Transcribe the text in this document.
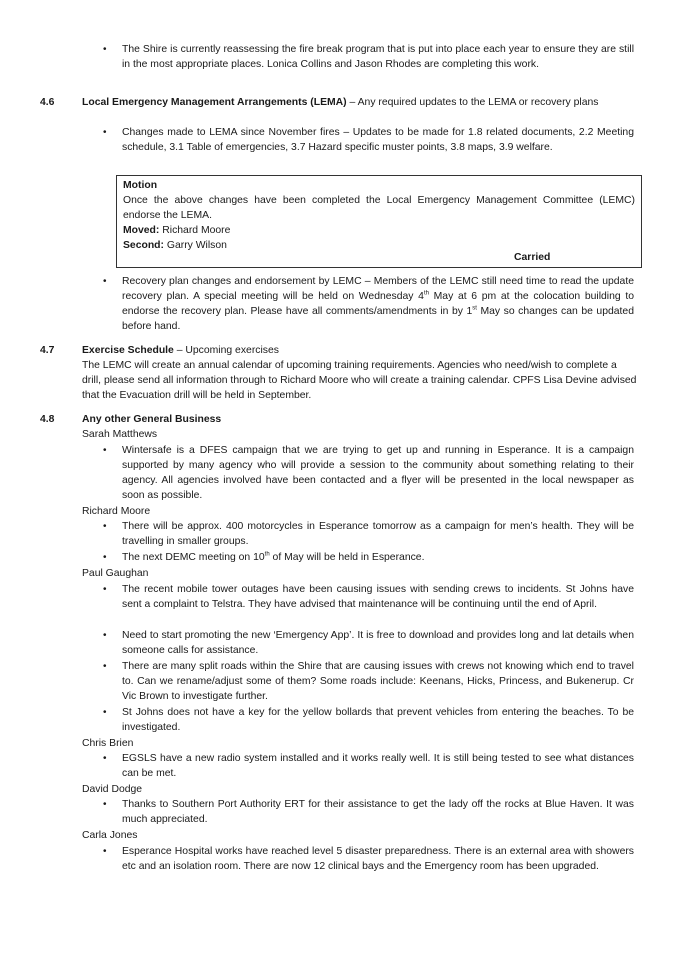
• The Shire is currently reassessing the fire break program that is put into place each year to ensure they are still in the most appropriate places. Lonica Collins and Jason Rhodes are completing this work.
4.6	Local Emergency Management Arrangements (LEMA) – Any required updates to the LEMA or recovery plans
• Changes made to LEMA since November fires – Updates to be made for 1.8 related documents, 2.2 Meeting schedule, 3.1 Table of emergencies, 3.7 Hazard specific muster points, 3.8 maps, 3.9 welfare.
Motion
Once the above changes have been completed the Local Emergency Management Committee (LEMC) endorse the LEMA.
Moved: Richard Moore
Second: Garry Wilson
Carried
• Recovery plan changes and endorsement by LEMC – Members of the LEMC still need time to read the update recovery plan. A special meeting will be held on Wednesday 4th May at 6 pm at the colocation building to endorse the recovery plan. Please have all comments/amendments in by 1st May so changes can be updated before hand.
4.7	Exercise Schedule – Upcoming exercises
The LEMC will create an annual calendar of upcoming training requirements. Agencies who need/wish to complete a drill, please send all information through to Richard Moore who will create a training calendar. CPFS Lisa Devine advised that the Evacuation drill will be held in September.
4.8	Any other General Business
Sarah Matthews
• Wintersafe is a DFES campaign that we are trying to get up and running in Esperance. It is a campaign supported by many agency who will provide a session to the community about something relating to their agency. All agencies involved have been contacted and a flyer will be presented in the local newspaper as soon as possible.
Richard Moore
• There will be approx. 400 motorcycles in Esperance tomorrow as a campaign for men’s health. They will be travelling in smaller groups.
• The next DEMC meeting on 10th of May will be held in Esperance.
Paul Gaughan
• The recent mobile tower outages have been causing issues with sending crews to incidents. St Johns have sent a complaint to Telstra. They have advised that maintenance will be continuing until the end of April.
• Need to start promoting the new ‘Emergency App’. It is free to download and provides long and lat details when someone calls for assistance.
• There are many split roads within the Shire that are causing issues with crews not knowing which end to travel to. Can we rename/adjust some of them? Some roads include: Keenans, Hicks, Princess, and Bukenerup. Cr Vic Brown to investigate further.
• St Johns does not have a key for the yellow bollards that prevent vehicles from entering the beaches. To be investigated.
Chris Brien
• EGSLS have a new radio system installed and it works really well. It is still being tested to see what distances can be met.
David Dodge
• Thanks to Southern Port Authority ERT for their assistance to get the lady off the rocks at Blue Haven. It was much appreciated.
Carla Jones
• Esperance Hospital works have reached level 5 disaster preparedness. There is an external area with showers etc and an isolation room. There are now 12 clinical bays and the Emergency room has been upgraded.
